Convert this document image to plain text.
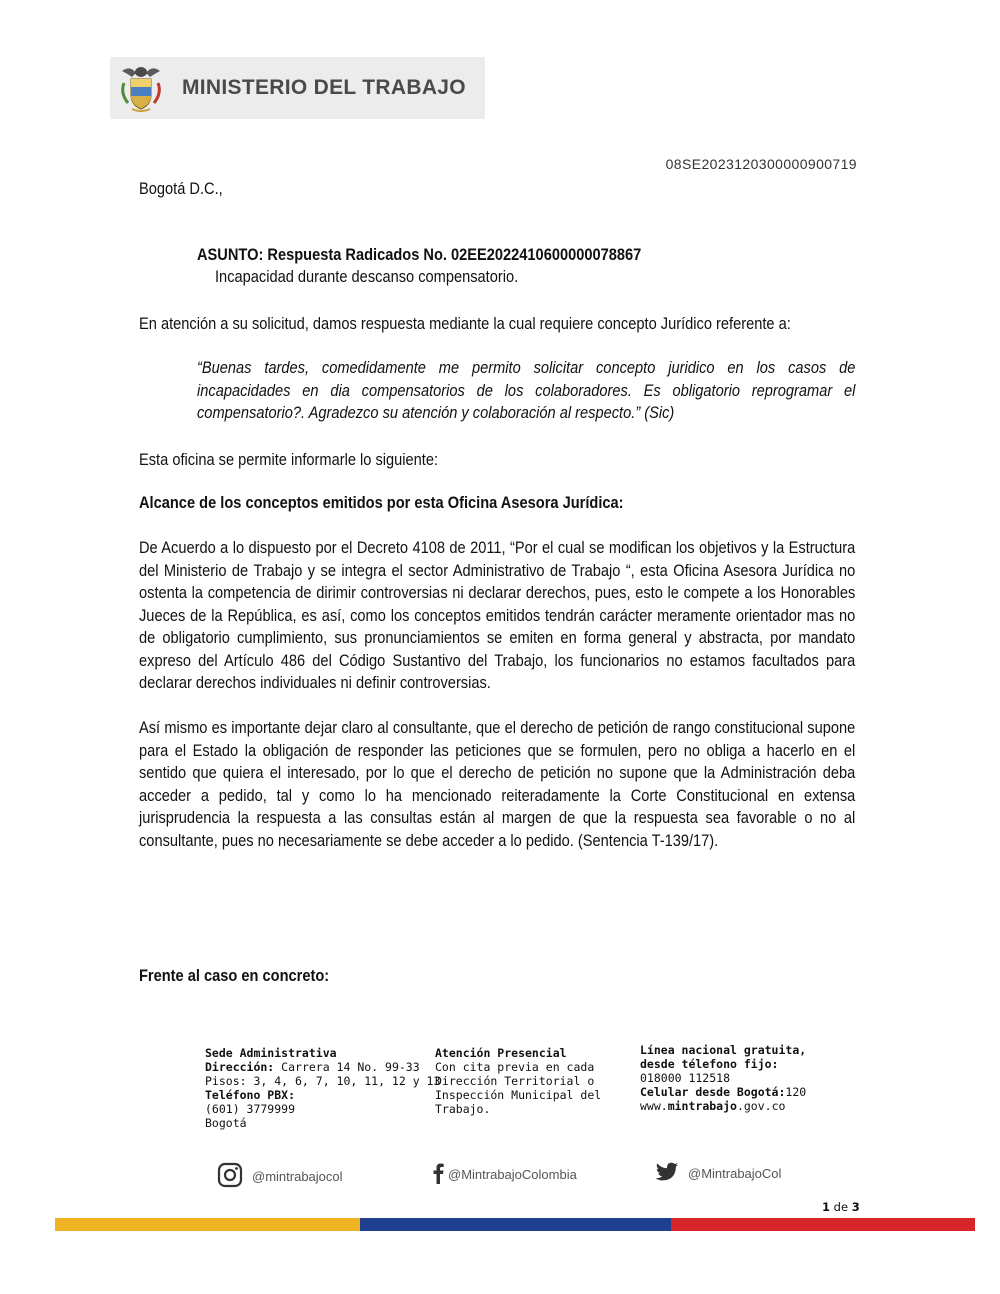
MINISTERIO DEL TRABAJO
08SE2023120300000900719
Bogotá D.C.,
ASUNTO: Respuesta Radicados No. 02EE2022410600000078867
Incapacidad durante descanso compensatorio.
En atención a su solicitud, damos respuesta mediante la cual requiere concepto Jurídico referente a:
“Buenas tardes, comedidamente me permito solicitar concepto juridico en los casos de incapacidades en dia compensatorios de los colaboradores. Es obligatorio reprogramar el compensatorio?. Agradezco su atención y colaboración al respecto.” (Sic)
Esta oficina se permite informarle lo siguiente:
Alcance de los conceptos emitidos por esta Oficina Asesora Jurídica:
De Acuerdo a lo dispuesto por el Decreto 4108 de 2011, “Por el cual se modifican los objetivos y la Estructura del Ministerio de Trabajo y se integra el sector Administrativo de Trabajo “, esta Oficina Asesora Jurídica no ostenta la competencia de dirimir controversias ni declarar derechos, pues, esto le compete a los Honorables Jueces de la República, es así, como los conceptos emitidos tendrán carácter meramente orientador mas no de obligatorio cumplimiento, sus pronunciamientos se emiten en forma general y abstracta, por mandato expreso del Artículo 486 del Código Sustantivo del Trabajo, los funcionarios no estamos facultados para declarar derechos individuales ni definir controversias.
Así mismo es importante dejar claro al consultante, que el derecho de petición de rango constitucional supone para el Estado la obligación de responder las peticiones que se formulen, pero no obliga a hacerlo en el sentido que quiera el interesado, por lo que el derecho de petición no supone que la Administración deba acceder a pedido, tal y como lo ha mencionado reiteradamente la Corte Constitucional en extensa jurisprudencia la respuesta a las consultas están al margen de que la respuesta sea favorable o no al consultante, pues no necesariamente se debe acceder a lo pedido. (Sentencia T-139/17).
Frente al caso en concreto:
Sede Administrativa
Dirección: Carrera 14 No. 99-33
Pisos: 3, 4, 6, 7, 10, 11, 12 y 13
Teléfono PBX:
(601) 3779999
Bogotá
Atención Presencial
Con cita previa en cada
Dirección Territorial o
Inspección Municipal del
Trabajo.
Línea nacional gratuita,
desde télefono fijo:
018000 112518
Celular desde Bogotá:120
www.mintrabajo.gov.co
@mintrabajocol	@MintrabajoColombia	@MintrabajoCol
1 de 3
